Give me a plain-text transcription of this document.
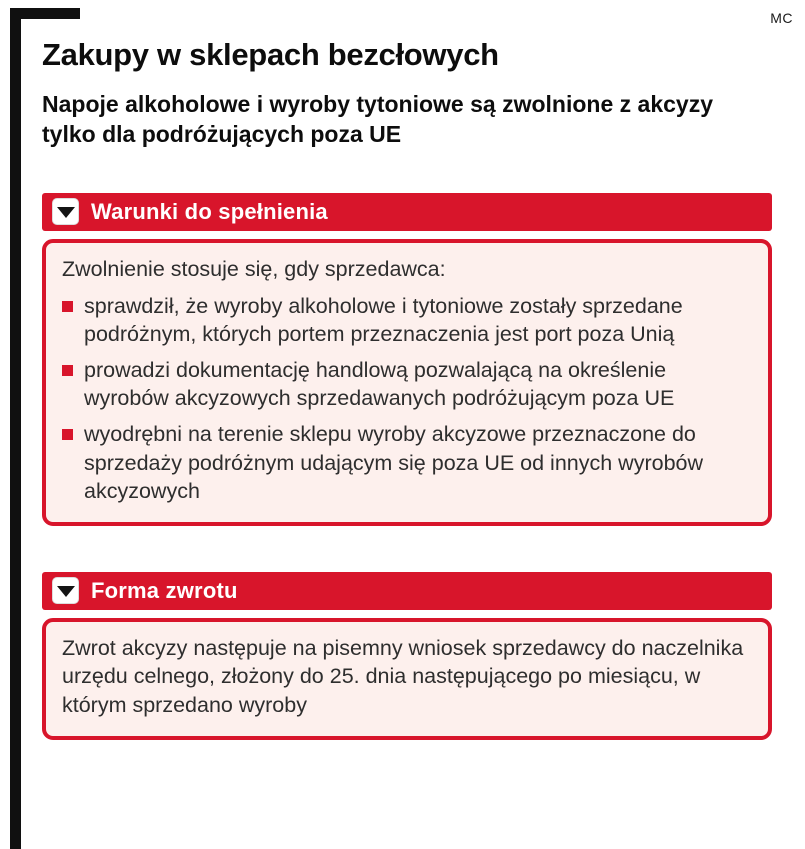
MC
Zakupy w sklepach bezcłowych
Napoje alkoholowe i wyroby tytoniowe są zwolnione z akcyzy tylko dla podróżujących poza UE
Warunki do spełnienia

Zwolnienie stosuje się, gdy sprzedawca:

sprawdził, że wyroby alkoholowe i tytoniowe zostały sprzedane podróżnym, których portem przeznaczenia jest port poza Unią
prowadzi dokumentację handlową pozwalającą na określenie wyrobów akcyzowych sprzedawanych podróżującym poza UE
wyodrębni na terenie sklepu wyroby akcyzowe przeznaczone do sprzedaży podróżnym udającym się poza UE od innych wyrobów akcyzowych
Forma zwrotu

Zwrot akcyzy następuje na pisemny wniosek sprzedawcy do naczelnika urzędu celnego, złożony do 25. dnia następującego po miesiącu, w którym sprzedano wyroby
